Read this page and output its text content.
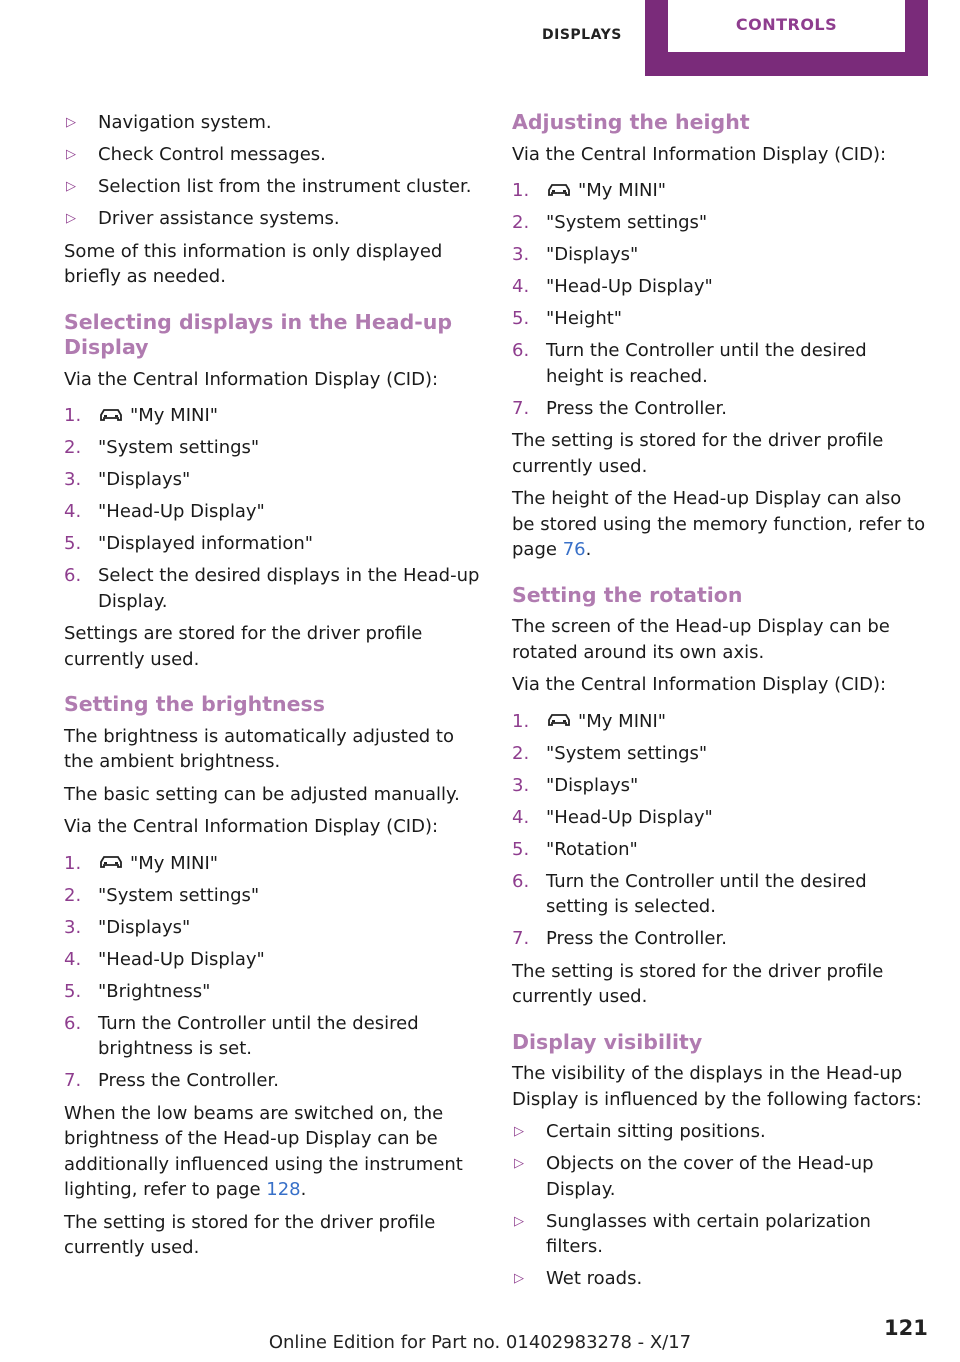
DISPLAYS
CONTROLS
▷ Navigation system.
▷ Check Control messages.
▷ Selection list from the instrument cluster.
▷ Driver assistance systems.

Some of this information is only displayed briefly as needed.

Selecting displays in the Head-up Display

Via the Central Information Display (CID):

1.	"My MINI"
2. "System settings"
3. "Displays"
4. "Head-Up Display"
5. "Displayed information"
6. Select the desired displays in the Head-up Display.

Settings are stored for the driver profile currently used.

Setting the brightness

The brightness is automatically adjusted to the ambient brightness.

The basic setting can be adjusted manually.

Via the Central Information Display (CID):

1.	"My MINI"
2. "System settings"
3. "Displays"
4. "Head-Up Display"
5. "Brightness"
6. Turn the Controller until the desired brightness is set.
7. Press the Controller.

When the low beams are switched on, the brightness of the Head-up Display can be additionally influenced using the instrument lighting, refer to page 128.

The setting is stored for the driver profile currently used.

Adjusting the height

Via the Central Information Display (CID):

1.	"My MINI"
2. "System settings"
3. "Displays"
4. "Head-Up Display"
5. "Height"
6. Turn the Controller until the desired height is reached.
7. Press the Controller.

The setting is stored for the driver profile currently used.

The height of the Head-up Display can also be stored using the memory function, refer to page 76.

Setting the rotation

The screen of the Head-up Display can be rotated around its own axis.

Via the Central Information Display (CID):

1.	"My MINI"
2. "System settings"
3. "Displays"
4. "Head-Up Display"
5. "Rotation"
6. Turn the Controller until the desired setting is selected.
7. Press the Controller.

The setting is stored for the driver profile currently used.

Display visibility

The visibility of the displays in the Head-up Display is influenced by the following factors:

▷ Certain sitting positions.
▷ Objects on the cover of the Head-up Display.
▷ Sunglasses with certain polarization filters.
▷ Wet roads.
121
Online Edition for Part no. 01402983278 - X/17
